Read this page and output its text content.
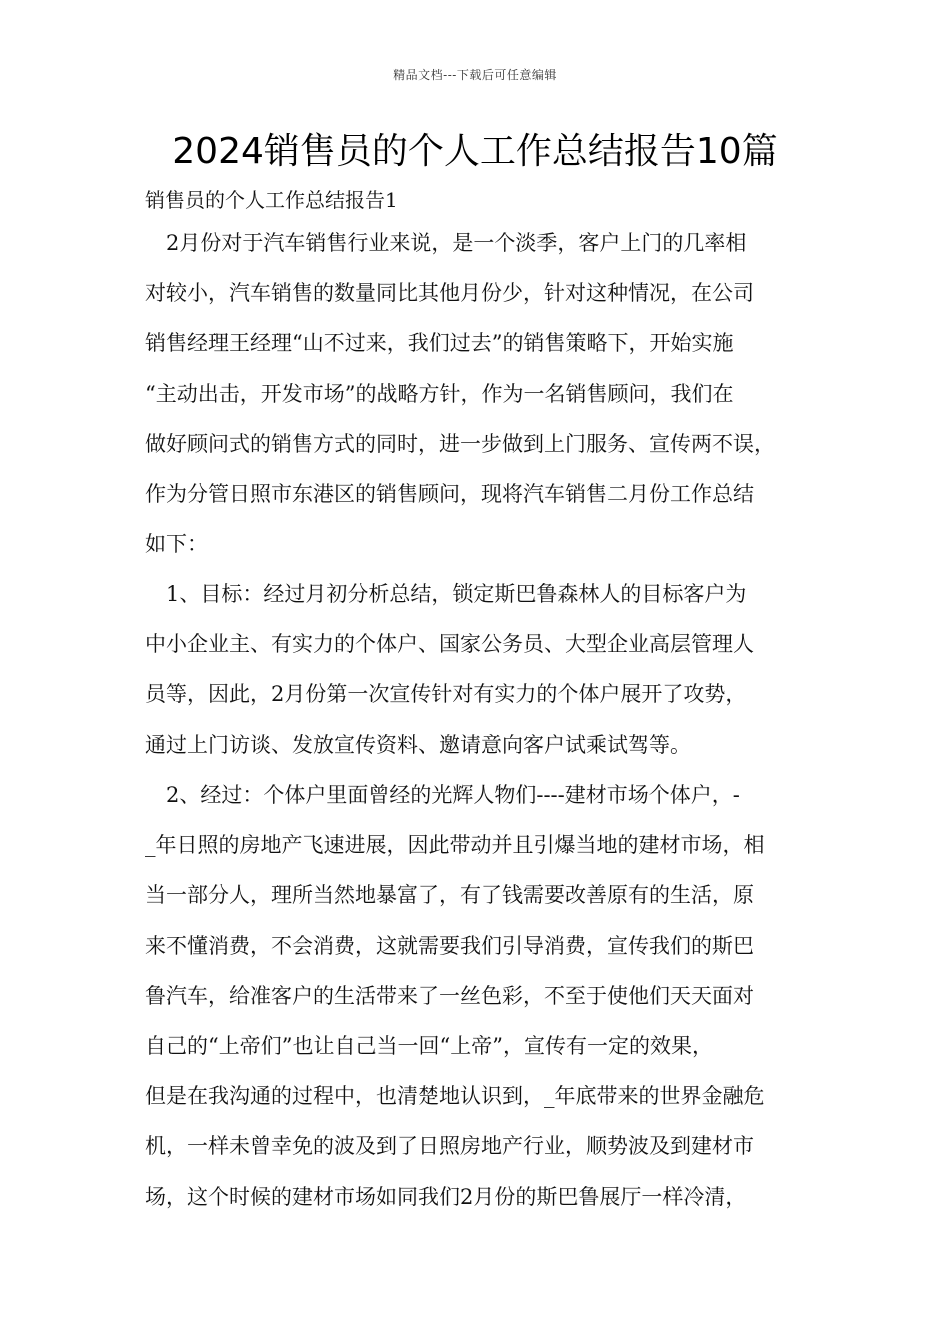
精品文档---下载后可任意编辑
2024销售员的个人工作总结报告10篇
销售员的个人工作总结报告1
　2月份对于汽车销售行业来说，是一个淡季，客户上门的几率相
对较小，汽车销售的数量同比其他月份少，针对这种情况，在公司
销售经理王经理“山不过来，我们过去”的销售策略下，开始实施
“主动出击，开发市场”的战略方针，作为一名销售顾问，我们在
做好顾问式的销售方式的同时，进一步做到上门服务、宣传两不误，
作为分管日照市东港区的销售顾问，现将汽车销售二月份工作总结
如下：
　1、目标：经过月初分析总结，锁定斯巴鲁森林人的目标客户为
中小企业主、有实力的个体户、国家公务员、大型企业高层管理人
员等，因此，2月份第一次宣传针对有实力的个体户展开了攻势，
通过上门访谈、发放宣传资料、邀请意向客户试乘试驾等。
　2、经过：个体户里面曾经的光辉人物们----建材市场个体户，-
_年日照的房地产飞速进展，因此带动并且引爆当地的建材市场，相
当一部分人，理所当然地暴富了，有了钱需要改善原有的生活，原
来不懂消费，不会消费，这就需要我们引导消费，宣传我们的斯巴
鲁汽车，给准客户的生活带来了一丝色彩，不至于使他们天天面对
自己的“上帝们”也让自己当一回“上帝”，宣传有一定的效果，
但是在我沟通的过程中，也清楚地认识到，_年底带来的世界金融危
机，一样未曾幸免的波及到了日照房地产行业，顺势波及到建材市
场，这个时候的建材市场如同我们2月份的斯巴鲁展厅一样冷清，
